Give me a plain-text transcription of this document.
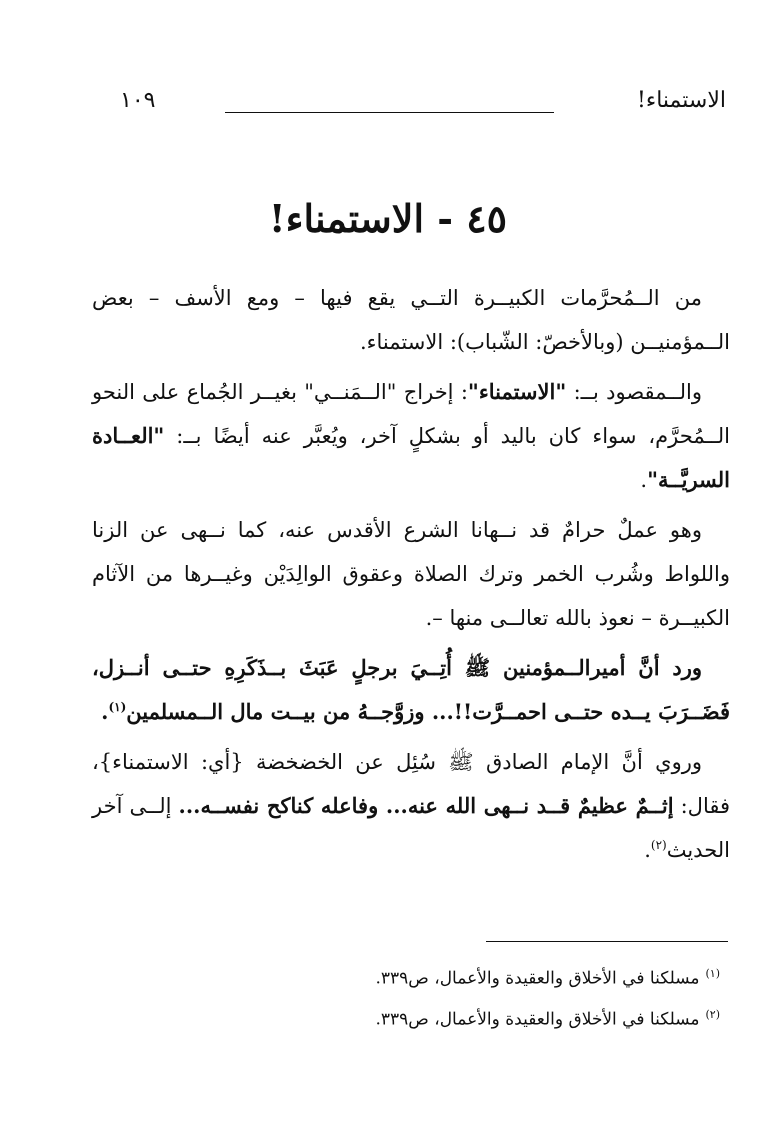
الاستمناء!
١٠٩
٤٥ - الاستمناء!

من الــمُحرَّمات الكبيــرة التــي يقع فيها – ومع الأسف – بعض الــمؤمنيــن (وبالأخصّ: الشّباب): الاستمناء.

والــمقصود بــ: "الاستمناء": إخراج "الــمَنــي" بغيــر الجُماع على النحو الــمُحرَّم، سواء كان باليد أو بشكلٍ آخر، ويُعبَّر عنه أيضًا بــ: "العــادة السريَّــة".

وهو عملٌ حرامٌ قد نــهانا الشرع الأقدس عنه، كما نــهى عن الزنا واللواط وشُرب الخمر وترك الصلاة وعقوق الوالِدَيْن وغيــرها من الآثام الكبيــرة – نعوذ بالله تعالــى منها –.

ورد أنَّ أميرالــمؤمنين ﷺ أُتِــيَ برجلٍ عَبَثَ بــذَكَرِهِ حتــى أنــزل، فَضَــرَبَ يــده حتــى احمــرَّت!!... وزوَّجــهُ من بيــت مال الــمسلمين$^{(١)}$.

وروي أنَّ الإمام الصادق ﷺ سُئِل عن الخضخضة {أي: الاستمناء}، فقال: إثــمٌ عظيمٌ قــد نــهى الله عنه... وفاعله كناكح نفســه... إلــى آخر الحديث$^{(٢)}$.

$^{(١)}$مسلكنا في الأخلاق والعقيدة والأعمال، ص٣٣٩.
$^{(٢)}$مسلكنا في الأخلاق والعقيدة والأعمال، ص٣٣٩.
